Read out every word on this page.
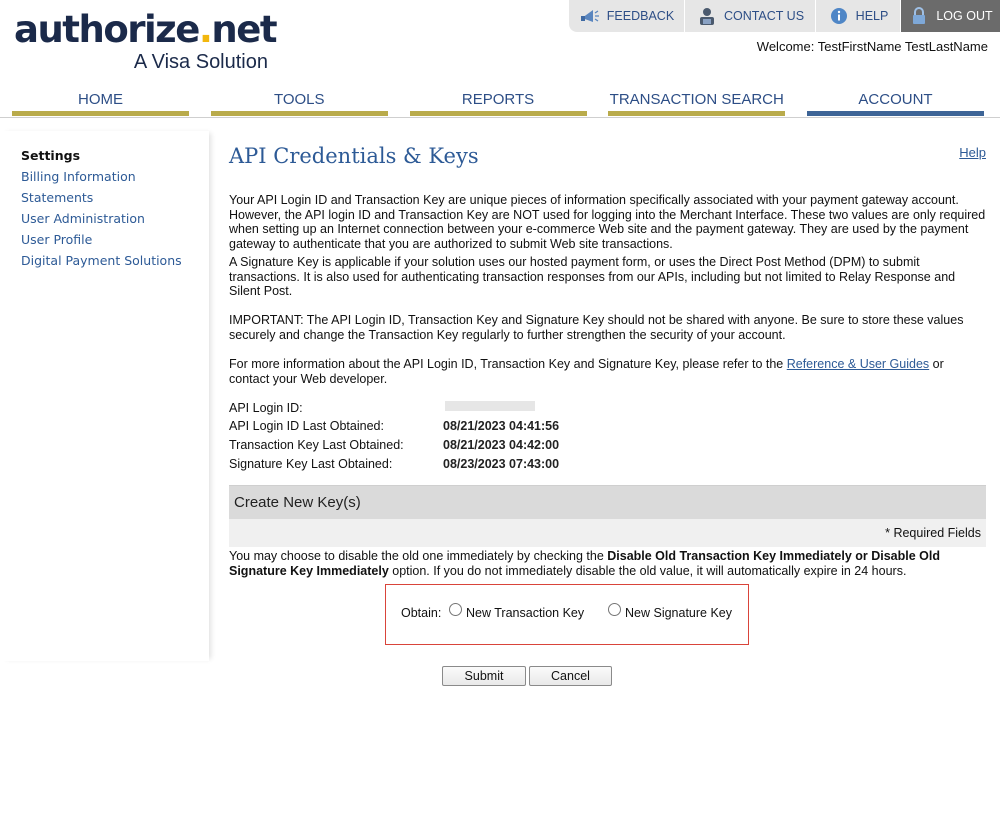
authorize.net
A Visa Solution
FEEDBACK	CONTACT US	HELP	LOG OUT
Welcome: TestFirstName TestLastName
HOME	TOOLS	REPORTS	TRANSACTION SEARCH	ACCOUNT
Settings
Billing Information
Statements
User Administration
User Profile
Digital Payment Solutions
API Credentials & Keys	Help
Your API Login ID and Transaction Key are unique pieces of information specifically associated with your payment gateway account. However, the API login ID and Transaction Key are NOT used for logging into the Merchant Interface. These two values are only required when setting up an Internet connection between your e-commerce Web site and the payment gateway. They are used by the payment gateway to authenticate that you are authorized to submit Web site transactions.
A Signature Key is applicable if your solution uses our hosted payment form, or uses the Direct Post Method (DPM) to submit transactions. It is also used for authenticating transaction responses from our APIs, including but not limited to Relay Response and Silent Post.
IMPORTANT: The API Login ID, Transaction Key and Signature Key should not be shared with anyone. Be sure to store these values securely and change the Transaction Key regularly to further strengthen the security of your account.
For more information about the API Login ID, Transaction Key and Signature Key, please refer to the Reference & User Guides or contact your Web developer.
API Login ID:
API Login ID Last Obtained:	08/21/2023 04:41:56
Transaction Key Last Obtained:	08/21/2023 04:42:00
Signature Key Last Obtained:	08/23/2023 07:43:00
Create New Key(s)
* Required Fields
You may choose to disable the old one immediately by checking the Disable Old Transaction Key Immediately or Disable Old Signature Key Immediately option. If you do not immediately disable the old value, it will automatically expire in 24 hours.
Obtain: New Transaction Key	New Signature Key
Submit	Cancel
